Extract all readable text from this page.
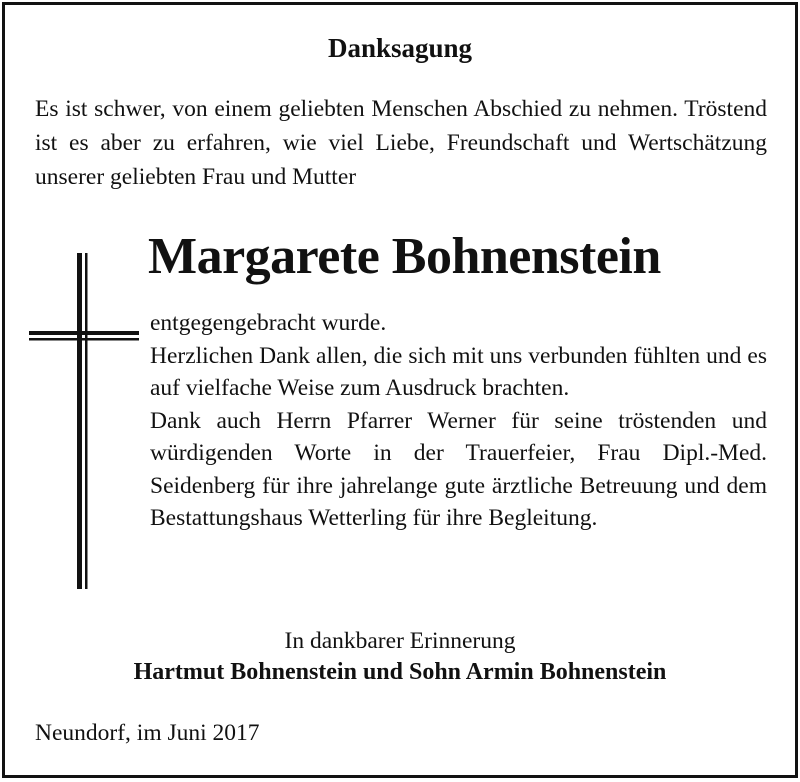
Danksagung

Es ist schwer, von einem geliebten Menschen Abschied zu nehmen. Tröstend ist es aber zu erfahren, wie viel Liebe, Freundschaft und Wertschätzung unserer geliebten Frau und Mutter

Margarete Bohnenstein

entgegengebracht wurde.

Herzlichen Dank allen, die sich mit uns verbunden fühlten und es auf vielfache Weise zum Ausdruck brachten.

Dank auch Herrn Pfarrer Werner für seine tröstenden und würdigenden Worte in der Trauerfeier, Frau Dipl.-Med. Seidenberg für ihre jahrelange gute ärztliche Betreuung und dem Bestattungshaus Wetterling für ihre Begleitung.

In dankbarer Erinnerung

Hartmut Bohnenstein und Sohn Armin Bohnenstein

Neundorf, im Juni 2017
